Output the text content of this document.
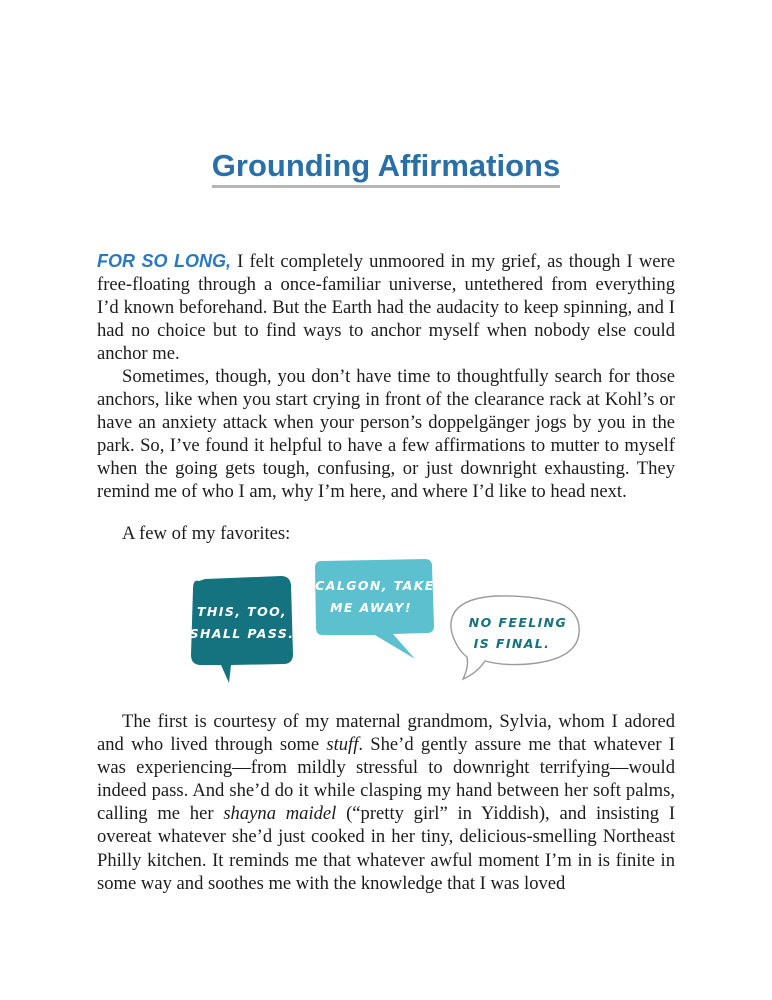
Grounding Affirmations

FOR SO LONG, I felt completely unmoored in my grief, as though I were free-floating through a once-familiar universe, untethered from everything I’d known beforehand. But the Earth had the audacity to keep spinning, and I had no choice but to find ways to anchor myself when nobody else could anchor me.

Sometimes, though, you don’t have time to thoughtfully search for those anchors, like when you start crying in front of the clearance rack at Kohl’s or have an anxiety attack when your person’s doppelgänger jogs by you in the park. So, I’ve found it helpful to have a few affirmations to mutter to myself when the going gets tough, confusing, or just downright exhausting. They remind me of who I am, why I’m here, and where I’d like to head next.

A few of my favorites:

THIS, TOO,
SHALL PASS.
CALGON, TAKE
ME AWAY!
NO FEELING
IS FINAL.

The first is courtesy of my maternal grandmom, Sylvia, whom I adored and who lived through some stuff. She’d gently assure me that whatever I was experiencing—from mildly stressful to downright terrifying—would indeed pass. And she’d do it while clasping my hand between her soft palms, calling me her shayna maidel (“pretty girl” in Yiddish), and insisting I overeat whatever she’d just cooked in her tiny, delicious-smelling Northeast Philly kitchen. It reminds me that whatever awful moment I’m in is finite in some way and soothes me with the knowledge that I was loved
